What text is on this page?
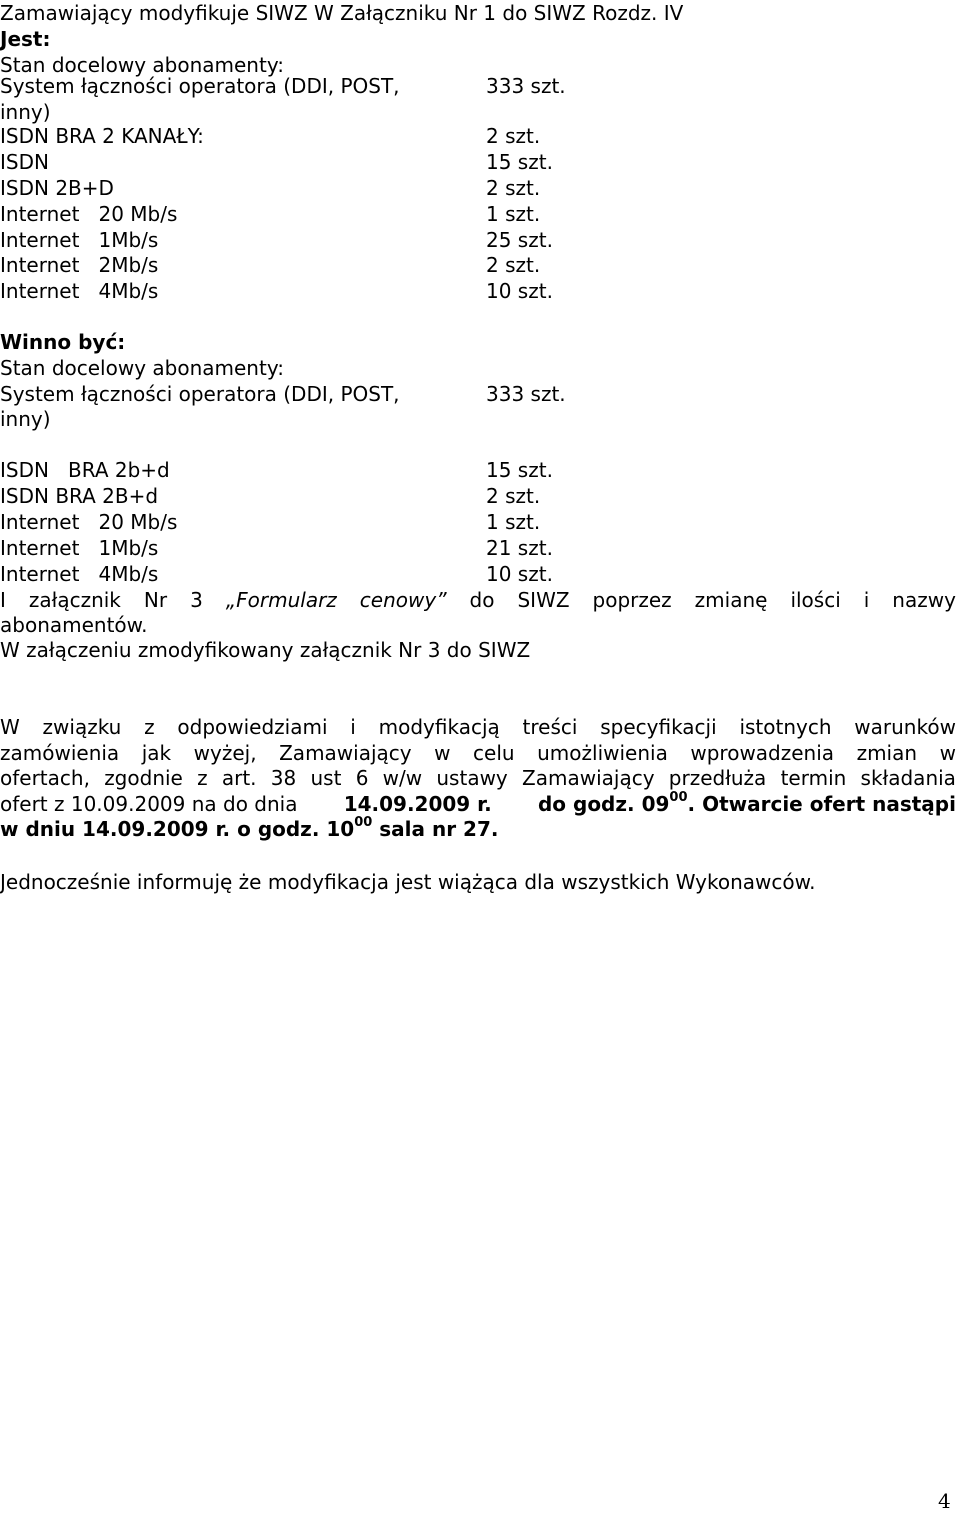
Zamawiający modyfikuje SIWZ W Załączniku Nr 1 do SIWZ Rozdz. IV
Jest:
Stan docelowy abonamenty:
System łączności operatora (DDI, POST,	333 szt.
inny)
ISDN BRA 2 KANAŁY:	2 szt.
ISDN	15 szt.
ISDN 2B+D	2 szt.
Internet   20 Mb/s	1 szt.
Internet   1Mb/s	25 szt.
Internet   2Mb/s	2 szt.
Internet   4Mb/s	10 szt.
Winno być:
Stan docelowy abonamenty:
System łączności operatora (DDI, POST,	333 szt.
inny)
ISDN   BRA 2b+d	15 szt.
ISDN BRA 2B+d	2 szt.
Internet   20 Mb/s	1 szt.
Internet   1Mb/s	21 szt.
Internet   4Mb/s	10 szt.
I załącznik Nr 3 „Formularz cenowy” do SIWZ poprzez zmianę ilości i nazwy
abonamentów.
W załączeniu zmodyfikowany załącznik Nr 3 do SIWZ
W związku z odpowiedziami i modyfikacją treści specyfikacji istotnych warunków
zamówienia jak wyżej, Zamawiający w celu umożliwienia wprowadzenia zmian w
ofertach, zgodnie z art. 38 ust 6 w/w ustawy Zamawiający przedłuża termin składania
ofert z 10.09.2009 na do dnia 14.09.2009 r. do godz. $09^{00}$. Otwarcie ofert nastąpi
w dniu 14.09.2009 r. o godz. $10^{00}$ sala nr 27.
Jednocześnie informuję że modyfikacja jest wiążąca dla wszystkich Wykonawców.
4
